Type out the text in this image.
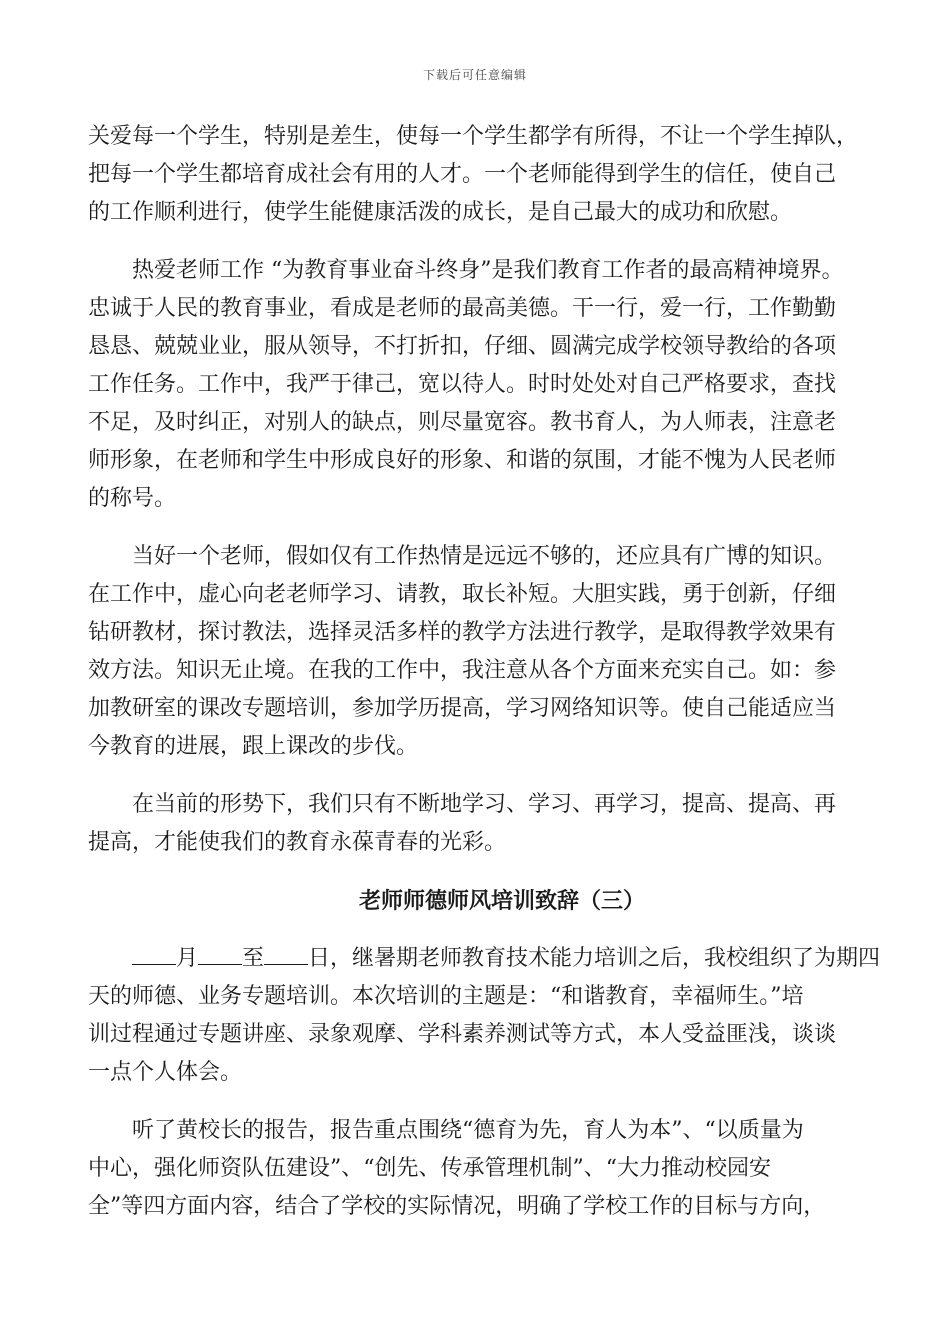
下载后可任意编辑
关爱每一个学生，特别是差生，使每一个学生都学有所得，不让一个学生掉队，
把每一个学生都培育成社会有用的人才。一个老师能得到学生的信任，使自己
的工作顺利进行，使学生能健康活泼的成长，是自己最大的成功和欣慰。
热爱老师工作 “为教育事业奋斗终身”是我们教育工作者的最高精神境界。
忠诚于人民的教育事业，看成是老师的最高美德。干一行，爱一行，工作勤勤
恳恳、兢兢业业，服从领导，不打折扣，仔细、圆满完成学校领导教给的各项
工作任务。工作中，我严于律己，宽以待人。时时处处对自己严格要求，查找
不足，及时纠正，对别人的缺点，则尽量宽容。教书育人，为人师表，注意老
师形象，在老师和学生中形成良好的形象、和谐的氛围，才能不愧为人民老师
的称号。
当好一个老师，假如仅有工作热情是远远不够的，还应具有广博的知识。
在工作中，虚心向老老师学习、请教，取长补短。大胆实践，勇于创新，仔细
钻研教材，探讨教法，选择灵活多样的教学方法进行教学，是取得教学效果有
效方法。知识无止境。在我的工作中，我注意从各个方面来充实自己。如：参
加教研室的课改专题培训，参加学历提高，学习网络知识等。使自己能适应当
今教育的进展，跟上课改的步伐。
在当前的形势下，我们只有不断地学习、学习、再学习，提高、提高、再
提高，才能使我们的教育永葆青春的光彩。
老师师德师风培训致辞（三）
月 至 日，继暑期老师教育技术能力培训之后，我校组织了为期四
天的师德、业务专题培训。本次培训的主题是：“和谐教育，幸福师生。”培
训过程通过专题讲座、录象观摩、学科素养测试等方式，本人受益匪浅，谈谈
一点个人体会。
听了黄校长的报告，报告重点围绕“德育为先，育人为本”、“以质量为
中心，强化师资队伍建设”、“创先、传承管理机制”、“大力推动校园安
全”等四方面内容，结合了学校的实际情况，明确了学校工作的目标与方向，
